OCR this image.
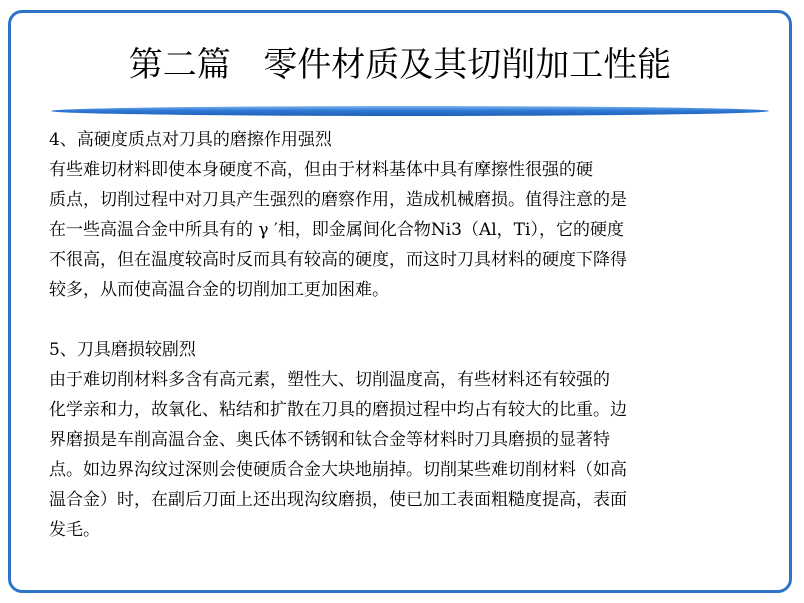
第二篇   零件材质及其切削加工性能
4、高硬度质点对刀具的磨擦作用强烈
有些难切材料即使本身硬度不高，但由于材料基体中具有摩擦性很强的硬
质点，切削过程中对刀具产生强烈的磨察作用，造成机械磨损。值得注意的是
在一些高温合金中所具有的 γ ′相，即金属间化合物Ni3（Al，Ti），它的硬度
不很高，但在温度较高时反而具有较高的硬度，而这时刀具材料的硬度下降得
较多，从而使高温合金的切削加工更加困难。
5、刀具磨损较剧烈
由于难切削材料多含有高元素，塑性大、切削温度高，有些材料还有较强的
化学亲和力，故氧化、粘结和扩散在刀具的磨损过程中均占有较大的比重。边
界磨损是车削高温合金、奥氏体不锈钢和钛合金等材料时刀具磨损的显著特
点。如边界沟纹过深则会使硬质合金大块地崩掉。切削某些难切削材料（如高
温合金）时，在副后刀面上还出现沟纹磨损，使已加工表面粗糙度提高，表面
发毛。
